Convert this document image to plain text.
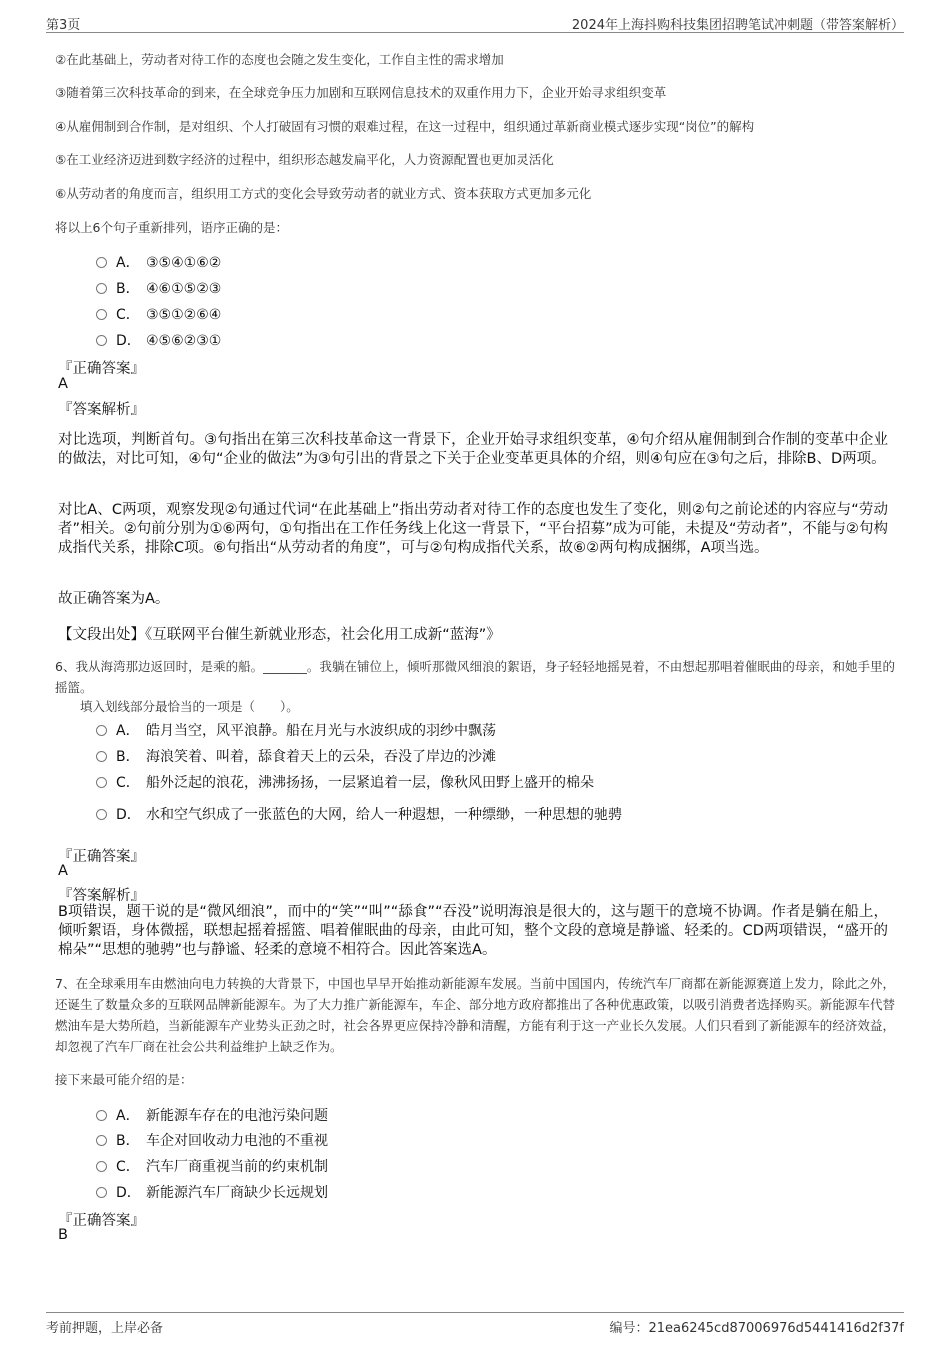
第3页	2024年上海抖购科技集团招聘笔试冲刺题（带答案解析）
②在此基础上，劳动者对待工作的态度也会随之发生变化，工作自主性的需求增加
③随着第三次科技革命的到来，在全球竞争压力加剧和互联网信息技术的双重作用力下，企业开始寻求组织变革
④从雇佣制到合作制，是对组织、个人打破固有习惯的艰难过程，在这一过程中，组织通过革新商业模式逐步实现“岗位”的解构
⑤在工业经济迈进到数字经济的过程中，组织形态越发扁平化，人力资源配置也更加灵活化
⑥从劳动者的角度而言，组织用工方式的变化会导致劳动者的就业方式、资本获取方式更加多元化
将以上6个句子重新排列，语序正确的是：
A． ③⑤④①⑥②
B． ④⑥①⑤②③
C． ③⑤①②⑥④
D． ④⑤⑥②③①
『正确答案』
A
『答案解析』
对比选项，判断首句。③句指出在第三次科技革命这一背景下，企业开始寻求组织变革，④句介绍从雇佣制到合作制的变革中企业的做法，对比可知，④句“企业的做法”为③句引出的背景之下关于企业变革更具体的介绍，则④句应在③句之后，排除B、D两项。
对比A、C两项，观察发现②句通过代词“在此基础上”指出劳动者对待工作的态度也发生了变化，则②句之前论述的内容应与“劳动者”相关。②句前分别为①⑥两句，①句指出在工作任务线上化这一背景下，“平台招募”成为可能，未提及“劳动者”，不能与②句构成指代关系，排除C项。⑥句指出“从劳动者的角度”，可与②句构成指代关系，故⑥②两句构成捆绑，A项当选。
故正确答案为A。
【文段出处】《互联网平台催生新就业形态，社会化用工成新“蓝海”》
6、我从海湾那边返回时，是乘的船。_______。我躺在铺位上，倾听那微风细浪的絮语，身子轻轻地摇晃着，不由想起那唱着催眠曲的母亲，和她手里的摇篮。
填入划线部分最恰当的一项是（　　）。
A． 皓月当空，风平浪静。船在月光与水波织成的羽纱中飘荡
B． 海浪笑着、叫着，舔食着天上的云朵，吞没了岸边的沙滩
C． 船外泛起的浪花，沸沸扬扬，一层紧追着一层，像秋风田野上盛开的棉朵
D． 水和空气织成了一张蓝色的大网，给人一种遐想，一种缥缈，一种思想的驰骋
『正确答案』
A
『答案解析』
B项错误，题干说的是“微风细浪”，而中的“笑”“叫”“舔食”“吞没”说明海浪是很大的，这与题干的意境不协调。作者是躺在船上，倾听絮语，身体微摇，联想起摇着摇篮、唱着催眠曲的母亲，由此可知，整个文段的意境是静谧、轻柔的。CD两项错误，“盛开的棉朵”“思想的驰骋”也与静谧、轻柔的意境不相符合。因此答案选A。
7、在全球乘用车由燃油向电力转换的大背景下，中国也早早开始推动新能源车发展。当前中国国内，传统汽车厂商都在新能源赛道上发力，除此之外，还诞生了数量众多的互联网品牌新能源车。为了大力推广新能源车，车企、部分地方政府都推出了各种优惠政策，以吸引消费者选择购买。新能源车代替燃油车是大势所趋，当新能源车产业势头正劲之时，社会各界更应保持冷静和清醒，方能有利于这一产业长久发展。人们只看到了新能源车的经济效益，却忽视了汽车厂商在社会公共利益维护上缺乏作为。
接下来最可能介绍的是：
A． 新能源车存在的电池污染问题
B． 车企对回收动力电池的不重视
C． 汽车厂商重视当前的约束机制
D． 新能源汽车厂商缺少长远规划
『正确答案』
B
考前押题，上岸必备	编号：21ea6245cd87006976d5441416d2f37f
